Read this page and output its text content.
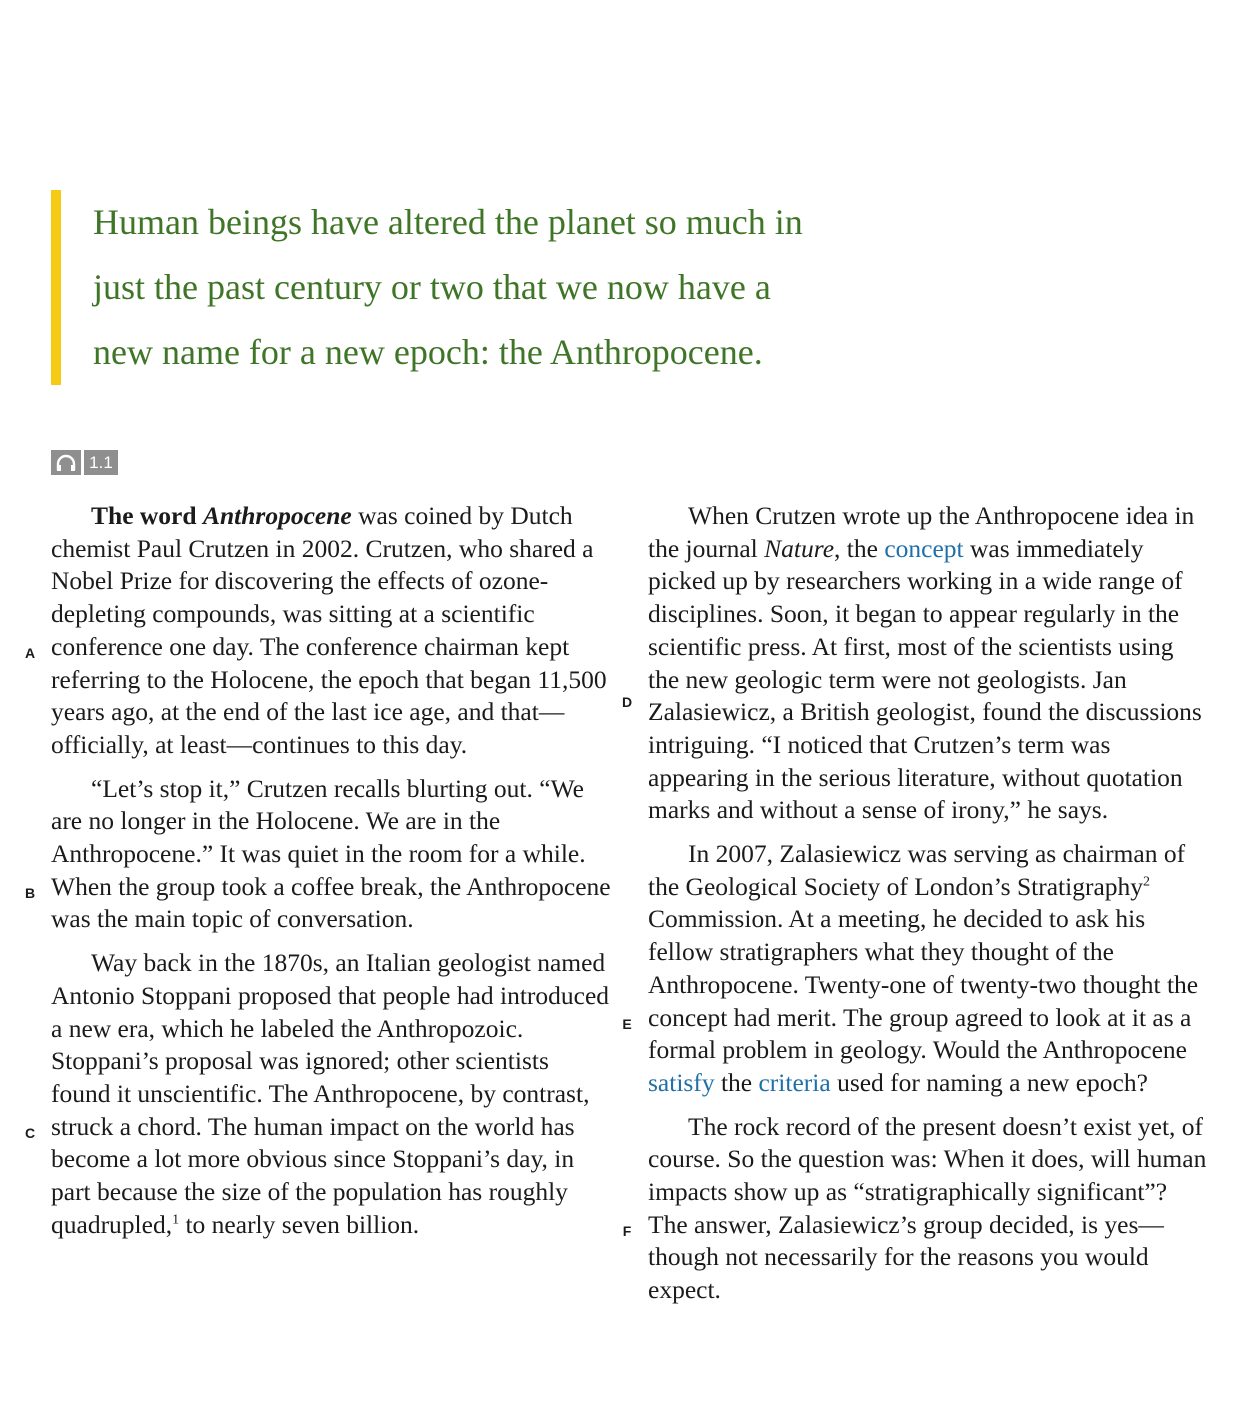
Human beings have altered the planet so much in
just the past century or two that we now have a
new name for a new epoch: the Anthropocene.
1.1
A

The word Anthropocene was coined by Dutch chemist Paul Crutzen in 2002. Crutzen, who shared a Nobel Prize for discovering the effects of ozone-depleting compounds, was sitting at a scientific conference one day. The conference chairman kept referring to the Holocene, the epoch that began 11,500 years ago, at the end of the last ice age, and that—officially, at least—continues to this day.

B

“Let’s stop it,” Crutzen recalls blurting out. “We are no longer in the Holocene. We are in the Anthropocene.” It was quiet in the room for a while. When the group took a coffee break, the Anthropocene was the main topic of conversation.

C

Way back in the 1870s, an Italian geologist named Antonio Stoppani proposed that people had introduced a new era, which he labeled the Anthropozoic. Stoppani’s proposal was ignored; other scientists found it unscientific. The Anthropocene, by contrast, struck a chord. The human impact on the world has become a lot more obvious since Stoppani’s day, in part because the size of the population has roughly quadrupled,$^1$ to nearly seven billion.

D

When Crutzen wrote up the Anthropocene idea in the journal Nature, the concept was immediately picked up by researchers working in a wide range of disciplines. Soon, it began to appear regularly in the scientific press. At first, most of the scientists using the new geologic term were not geologists. Jan Zalasiewicz, a British geologist, found the discussions intriguing. “I noticed that Crutzen’s term was appearing in the serious literature, without quotation marks and without a sense of irony,” he says.

E

In 2007, Zalasiewicz was serving as chairman of the Geological Society of London’s Stratigraphy$^2$ Commission. At a meeting, he decided to ask his fellow stratigraphers what they thought of the Anthropocene. Twenty-one of twenty-two thought the concept had merit. The group agreed to look at it as a formal problem in geology. Would the Anthropocene satisfy the criteria used for naming a new epoch?

F

The rock record of the present doesn’t exist yet, of course. So the question was: When it does, will human impacts show up as “stratigraphically significant”? The answer, Zalasiewicz’s group decided, is yes—though not necessarily for the reasons you would expect.
